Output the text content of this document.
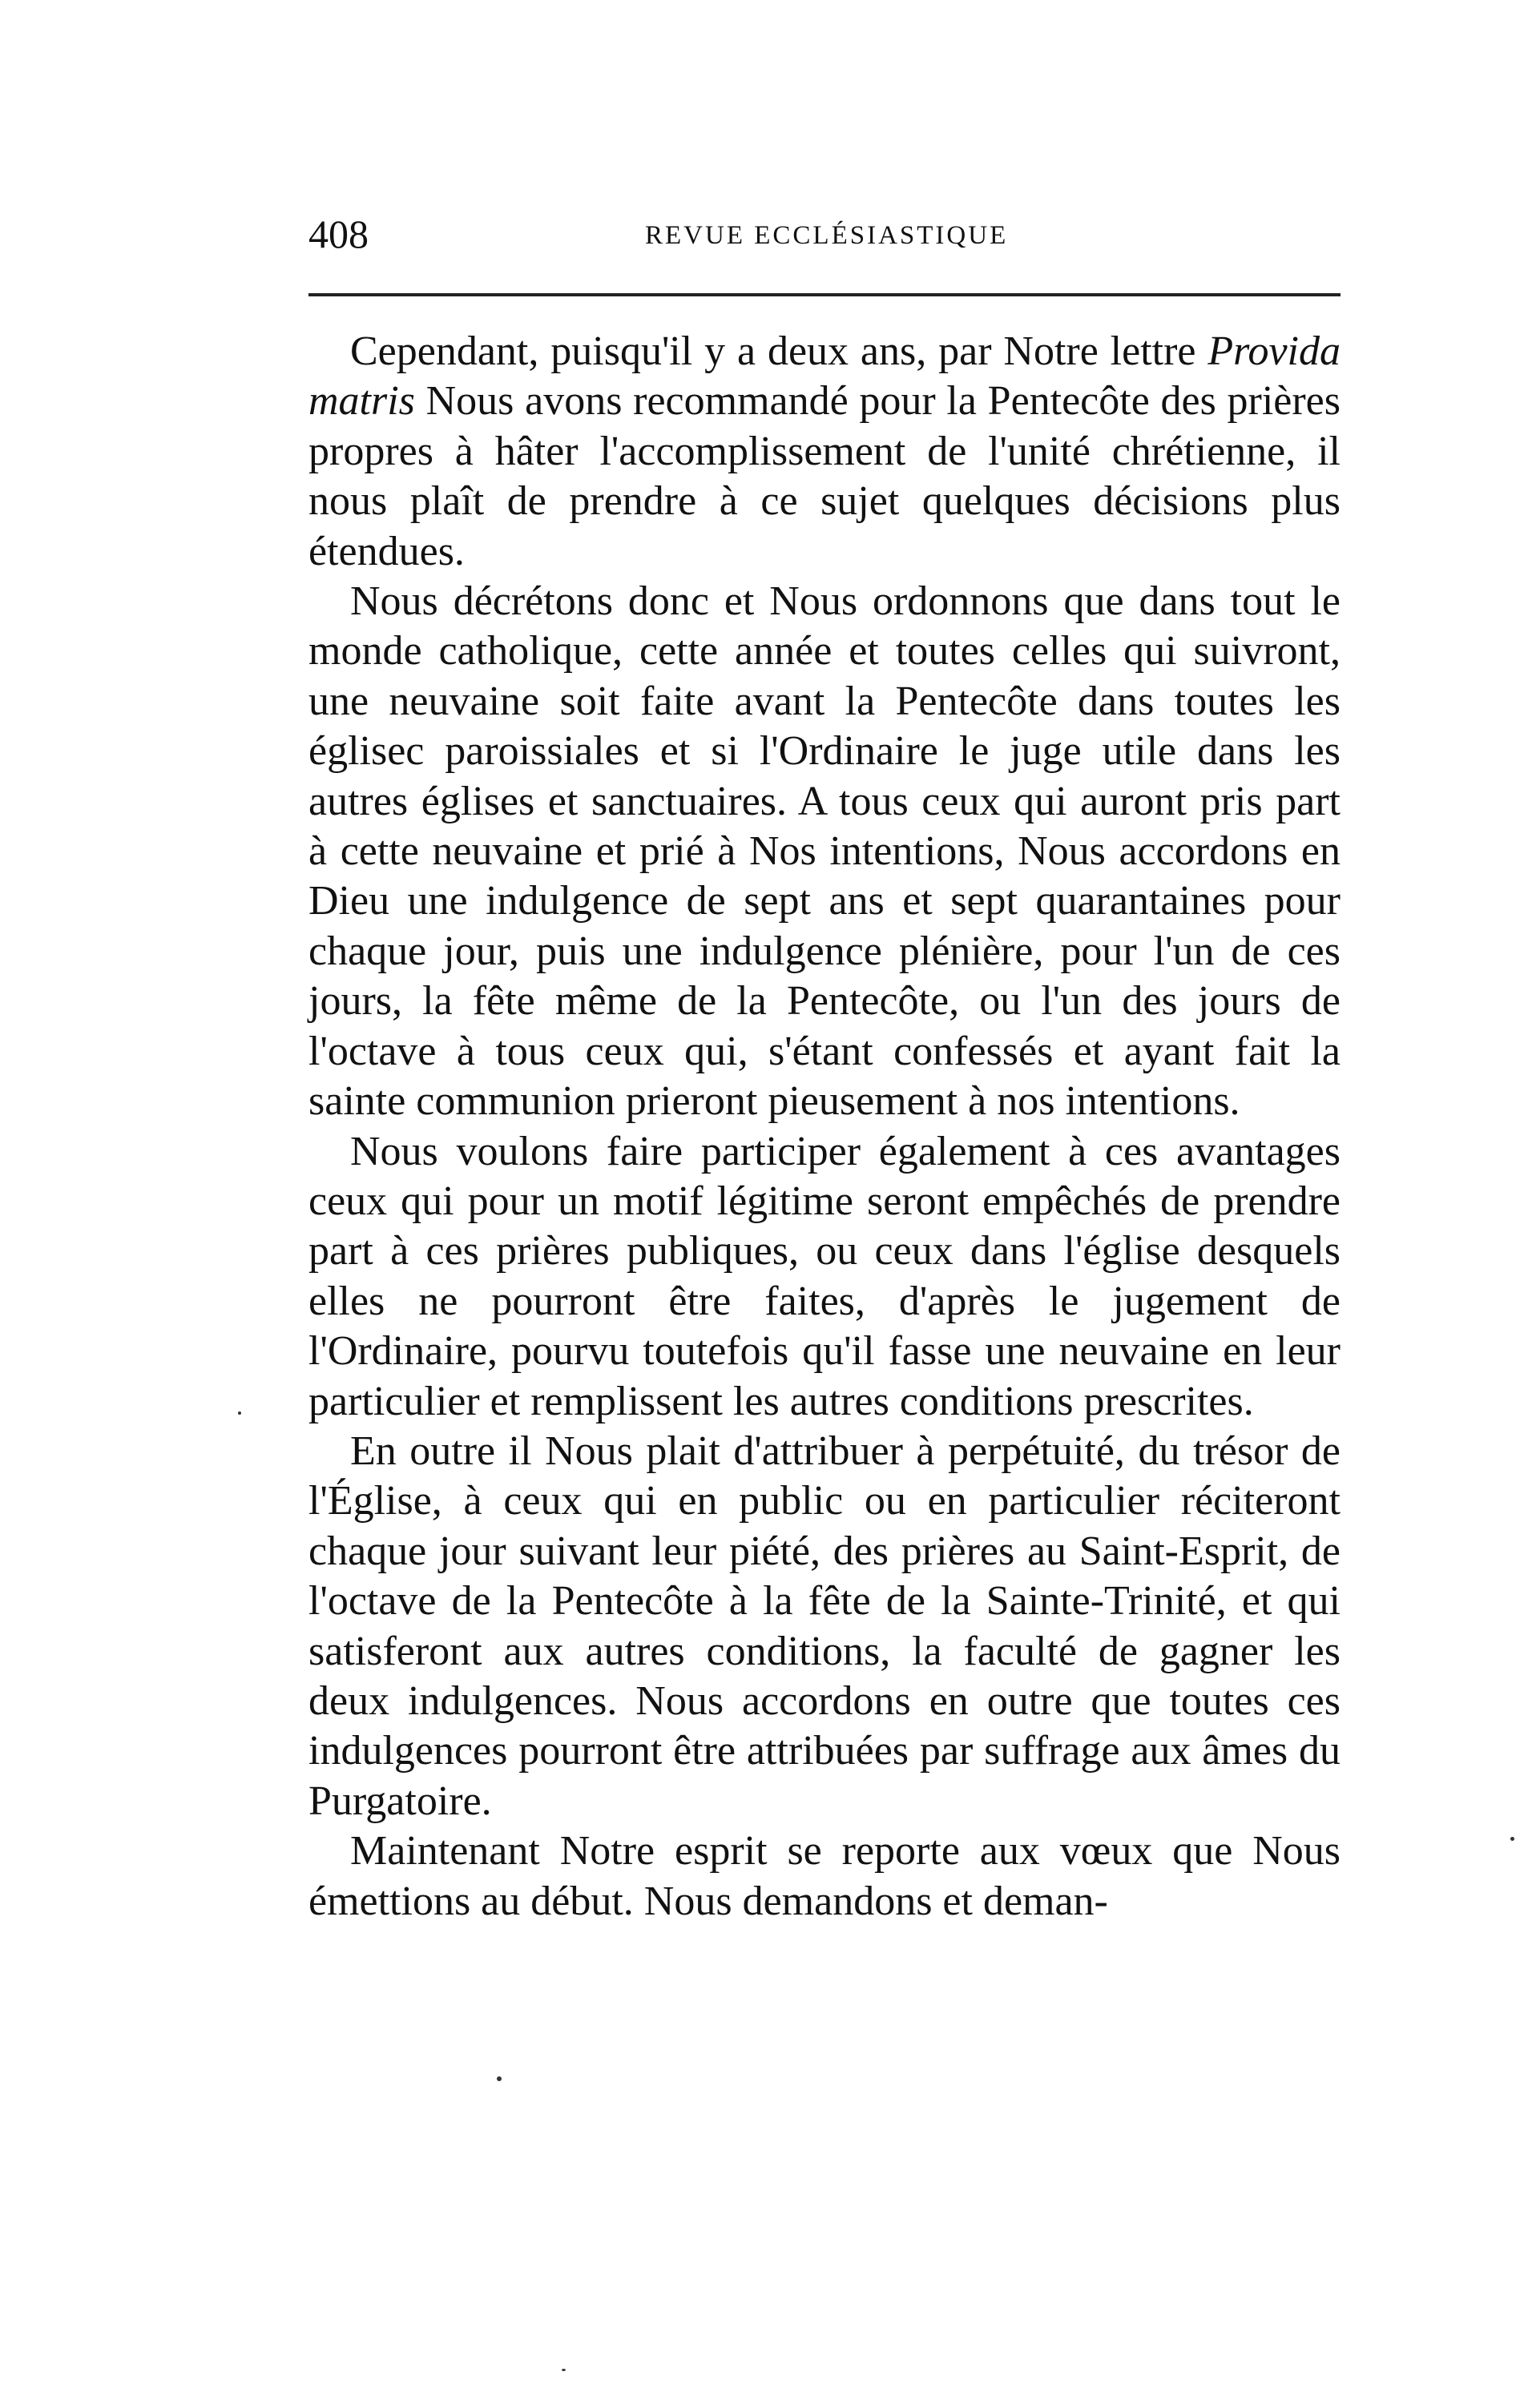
408	REVUE ECCLÉSIASTIQUE

Cependant, puisqu'il y a deux ans, par Notre lettre Provida matris Nous avons recommandé pour la Pentecôte des prières propres à hâter l'accomplissement de l'unité chrétienne, il nous plaît de prendre à ce sujet quelques décisions plus étendues.

Nous décrétons donc et Nous ordonnons que dans tout le monde catholique, cette année et toutes celles qui suivront, une neuvaine soit faite avant la Pentecôte dans toutes les églisec paroissiales et si l'Ordinaire le juge utile dans les autres églises et sanctuaires. A tous ceux qui auront pris part à cette neuvaine et prié à Nos intentions, Nous accordons en Dieu une indulgence de sept ans et sept quarantaines pour chaque jour, puis une indulgence plénière, pour l'un de ces jours, la fête même de la Pentecôte, ou l'un des jours de l'octave à tous ceux qui, s'étant confessés et ayant fait la sainte communion prieront pieusement à nos intentions.

Nous voulons faire participer également à ces avantages ceux qui pour un motif légitime seront empêchés de prendre part à ces prières publiques, ou ceux dans l'église desquels elles ne pourront être faites, d'après le jugement de l'Ordinaire, pourvu toutefois qu'il fasse une neuvaine en leur particulier et remplissent les autres conditions prescrites.

En outre il Nous plait d'attribuer à perpétuité, du trésor de l'Église, à ceux qui en public ou en particulier réciteront chaque jour suivant leur piété, des prières au Saint-Esprit, de l'octave de la Pentecôte à la fête de la Sainte-Trinité, et qui satisferont aux autres conditions, la faculté de gagner les deux indulgences. Nous accordons en outre que toutes ces indulgences pourront être attribuées par suffrage aux âmes du Purgatoire.

Maintenant Notre esprit se reporte aux vœux que Nous émettions au début. Nous demandons et deman-
